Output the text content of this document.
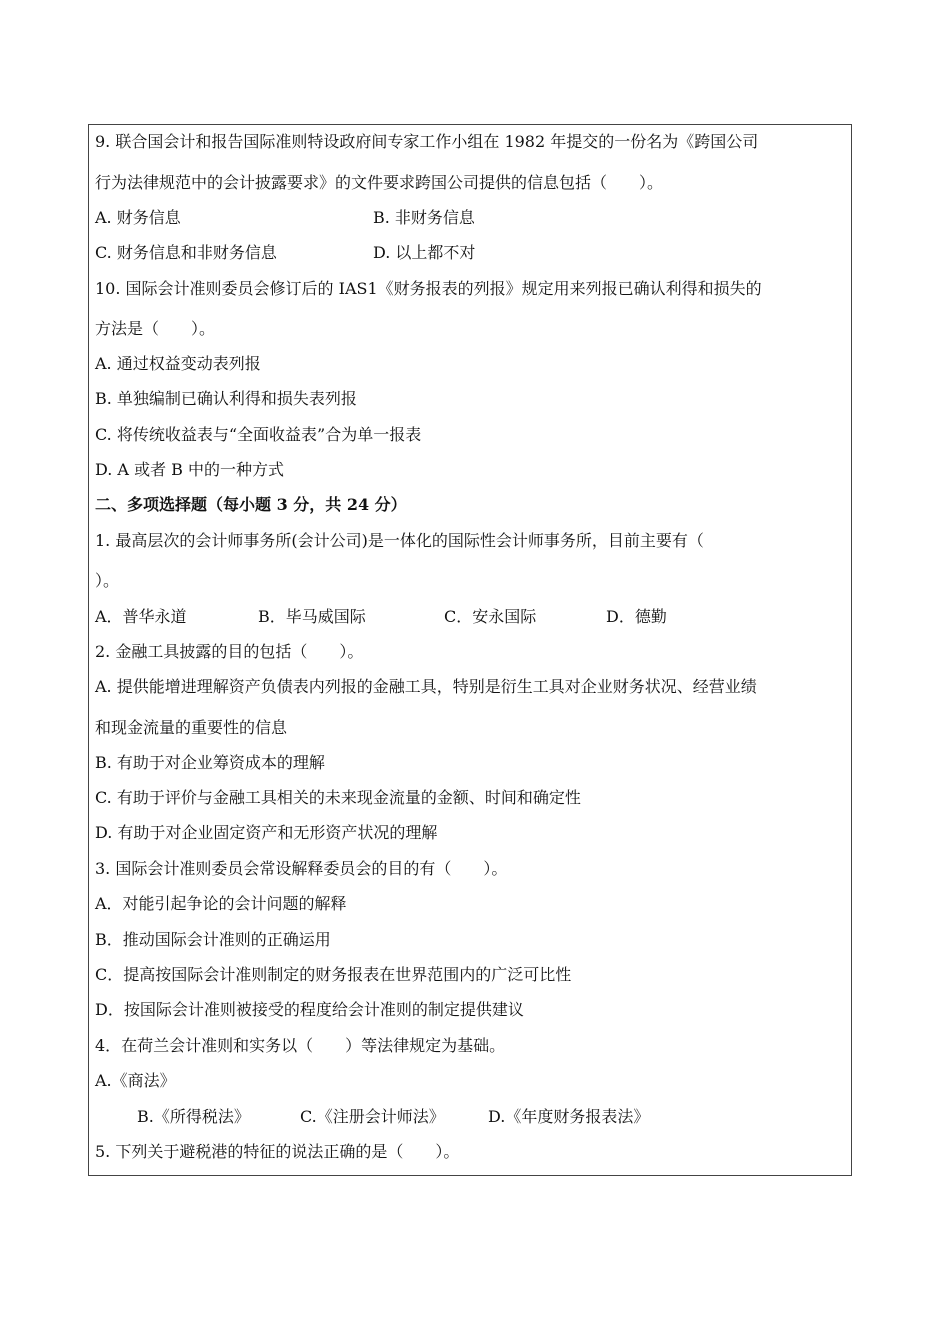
9. 联合国会计和报告国际准则特设政府间专家工作小组在 1982 年提交的一份名为《跨国公司
行为法律规范中的会计披露要求》的文件要求跨国公司提供的信息包括（　　）。
A. 财务信息	B. 非财务信息
C. 财务信息和非财务信息	D. 以上都不对
10. 国际会计准则委员会修订后的 IAS1《财务报表的列报》规定用来列报已确认利得和损失的
方法是（　　）。
A. 通过权益变动表列报
B. 单独编制已确认利得和损失表列报
C. 将传统收益表与“全面收益表”合为单一报表
D. A 或者 B 中的一种方式
二、多项选择题（每小题 3 分，共 24 分）
1. 最高层次的会计师事务所(会计公司)是一体化的国际性会计师事务所，目前主要有（
）。
A．普华永道	B．毕马威国际	C．安永国际	D．德勤
2. 金融工具披露的目的包括（　　）。
A. 提供能增进理解资产负债表内列报的金融工具，特别是衍生工具对企业财务状况、经营业绩
和现金流量的重要性的信息
B. 有助于对企业筹资成本的理解
C. 有助于评价与金融工具相关的未来现金流量的金额、时间和确定性
D. 有助于对企业固定资产和无形资产状况的理解
3. 国际会计准则委员会常设解释委员会的目的有（　　）。
A．对能引起争论的会计问题的解释
B．推动国际会计准则的正确运用
C．提高按国际会计准则制定的财务报表在世界范围内的广泛可比性
D．按国际会计准则被接受的程度给会计准则的制定提供建议
4．在荷兰会计准则和实务以（　　）等法律规定为基础。
A.《商法》
B.《所得税法》	C.《注册会计师法》	D.《年度财务报表法》
5. 下列关于避税港的特征的说法正确的是（　　）。
